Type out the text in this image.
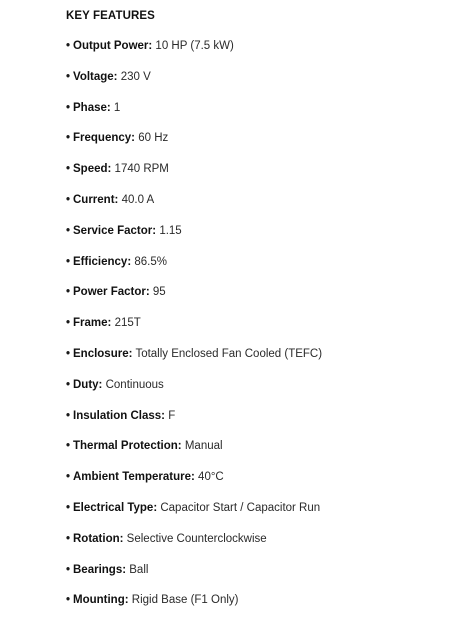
KEY FEATURES
• Output Power: 10 HP (7.5 kW)
• Voltage: 230 V
• Phase: 1
• Frequency: 60 Hz
• Speed: 1740 RPM
• Current: 40.0 A
• Service Factor: 1.15
• Efficiency: 86.5%
• Power Factor: 95
• Frame: 215T
• Enclosure: Totally Enclosed Fan Cooled (TEFC)
• Duty: Continuous
• Insulation Class: F
• Thermal Protection: Manual
• Ambient Temperature: 40°C
• Electrical Type: Capacitor Start / Capacitor Run
• Rotation: Selective Counterclockwise
• Bearings: Ball
• Mounting: Rigid Base (F1 Only)
